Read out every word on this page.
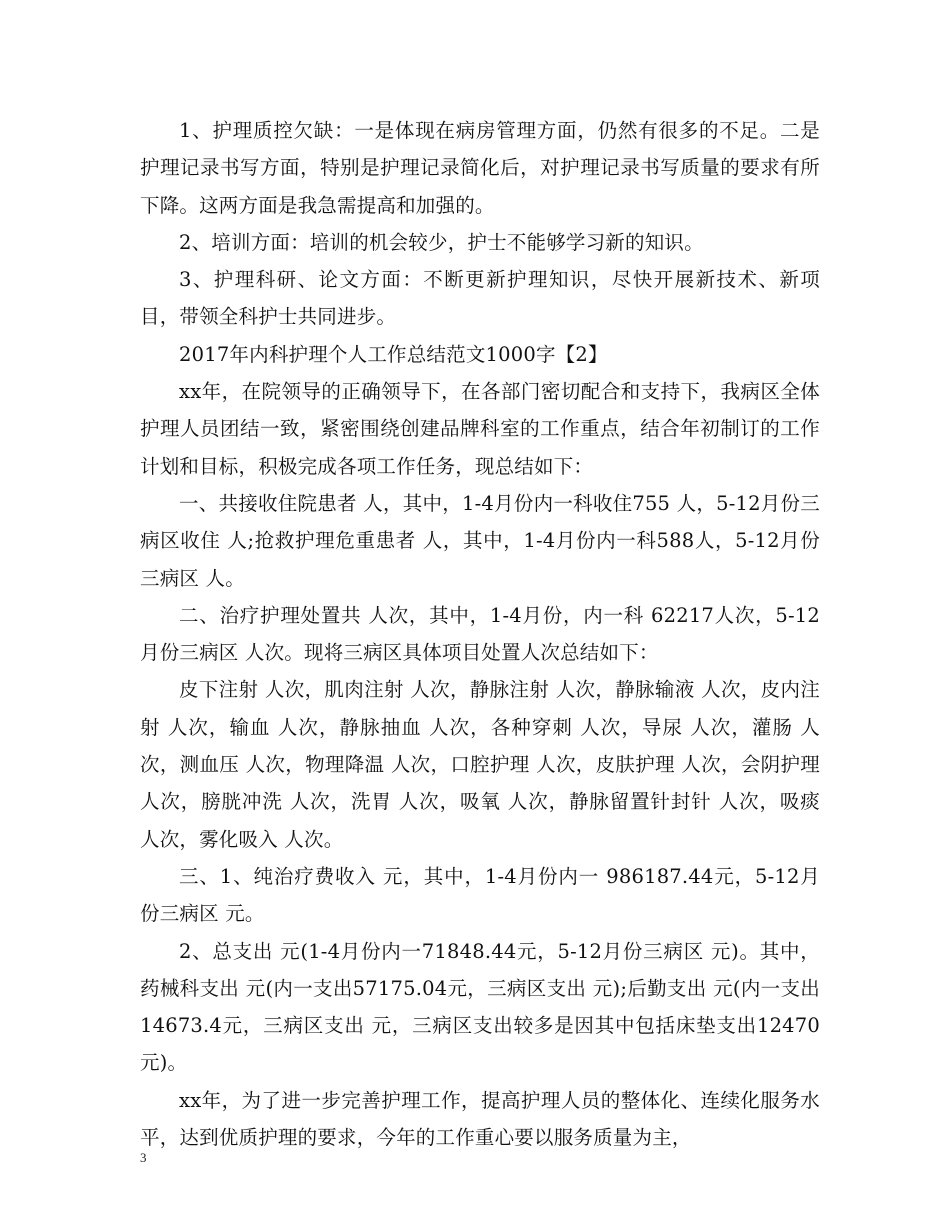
1、护理质控欠缺：一是体现在病房管理方面，仍然有很多的不足。二是护理记录书写方面，特别是护理记录简化后，对护理记录书写质量的要求有所下降。这两方面是我急需提高和加强的。

2、培训方面：培训的机会较少，护士不能够学习新的知识。

3、护理科研、论文方面：不断更新护理知识，尽快开展新技术、新项目，带领全科护士共同进步。

2017年内科护理个人工作总结范文1000字【2】

xx年，在院领导的正确领导下，在各部门密切配合和支持下，我病区全体护理人员团结一致，紧密围绕创建品牌科室的工作重点，结合年初制订的工作计划和目标，积极完成各项工作任务，现总结如下：

一、共接收住院患者 人，其中，1-4月份内一科收住755 人，5-12月份三病区收住 人;抢救护理危重患者 人，其中，1-4月份内一科588人，5-12月份三病区 人。

二、治疗护理处置共 人次，其中，1-4月份，内一科 62217人次，5-12月份三病区 人次。现将三病区具体项目处置人次总结如下：

皮下注射 人次，肌肉注射 人次，静脉注射 人次，静脉输液 人次，皮内注射 人次，输血 人次，静脉抽血 人次，各种穿刺 人次，导尿 人次，灌肠 人次，测血压 人次，物理降温 人次，口腔护理 人次，皮肤护理 人次，会阴护理 人次，膀胱冲洗 人次，洗胃 人次，吸氧 人次，静脉留置针封针 人次，吸痰 人次，雾化吸入 人次。

三、1、纯治疗费收入 元，其中，1-4月份内一 986187.44元，5-12月份三病区 元。

2、总支出 元(1-4月份内一71848.44元，5-12月份三病区 元)。其中，药械科支出 元(内一支出57175.04元，三病区支出 元);后勤支出 元(内一支出14673.4元，三病区支出 元，三病区支出较多是因其中包括床垫支出12470元)。

xx年，为了进一步完善护理工作，提高护理人员的整体化、连续化服务水平，达到优质护理的要求，今年的工作重心要以服务质量为主，

3
